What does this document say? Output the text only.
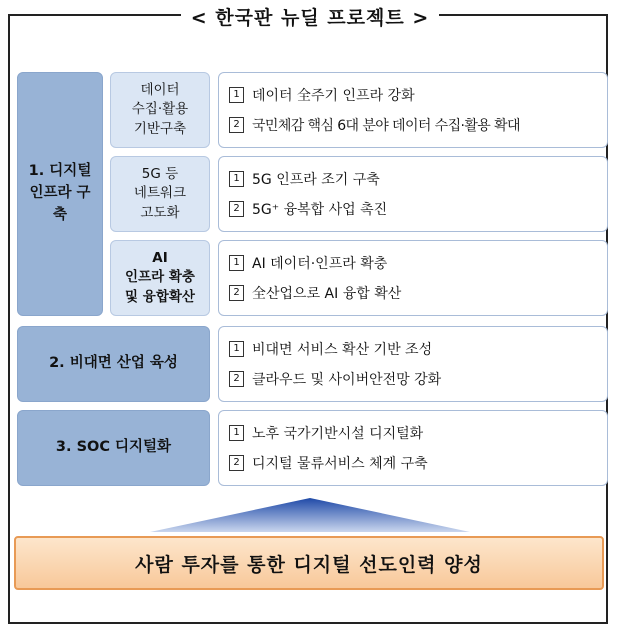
< 한국판 뉴딜 프로젝트 >
1. 디지털 인프라 구축
데이터
수집·활용
기반구축
1 데이터 全주기 인프라 강화
2 국민체감 핵심 6대 분야 데이터 수집·활용 확대
5G 등
네트워크
고도화
1 5G 인프라 조기 구축
2 5G⁺ 융복합 사업 촉진
AI
인프라 확충
및 융합확산
1 AI 데이터·인프라 확충
2 全산업으로 AI 융합 확산
2. 비대면 산업 육성
1 비대면 서비스 확산 기반 조성
2 클라우드 및 사이버안전망 강화
3. SOC 디지털화
1 노후 국가기반시설 디지털화
2 디지털 물류서비스 체계 구축
사람 투자를 통한 디지털 선도인력 양성
